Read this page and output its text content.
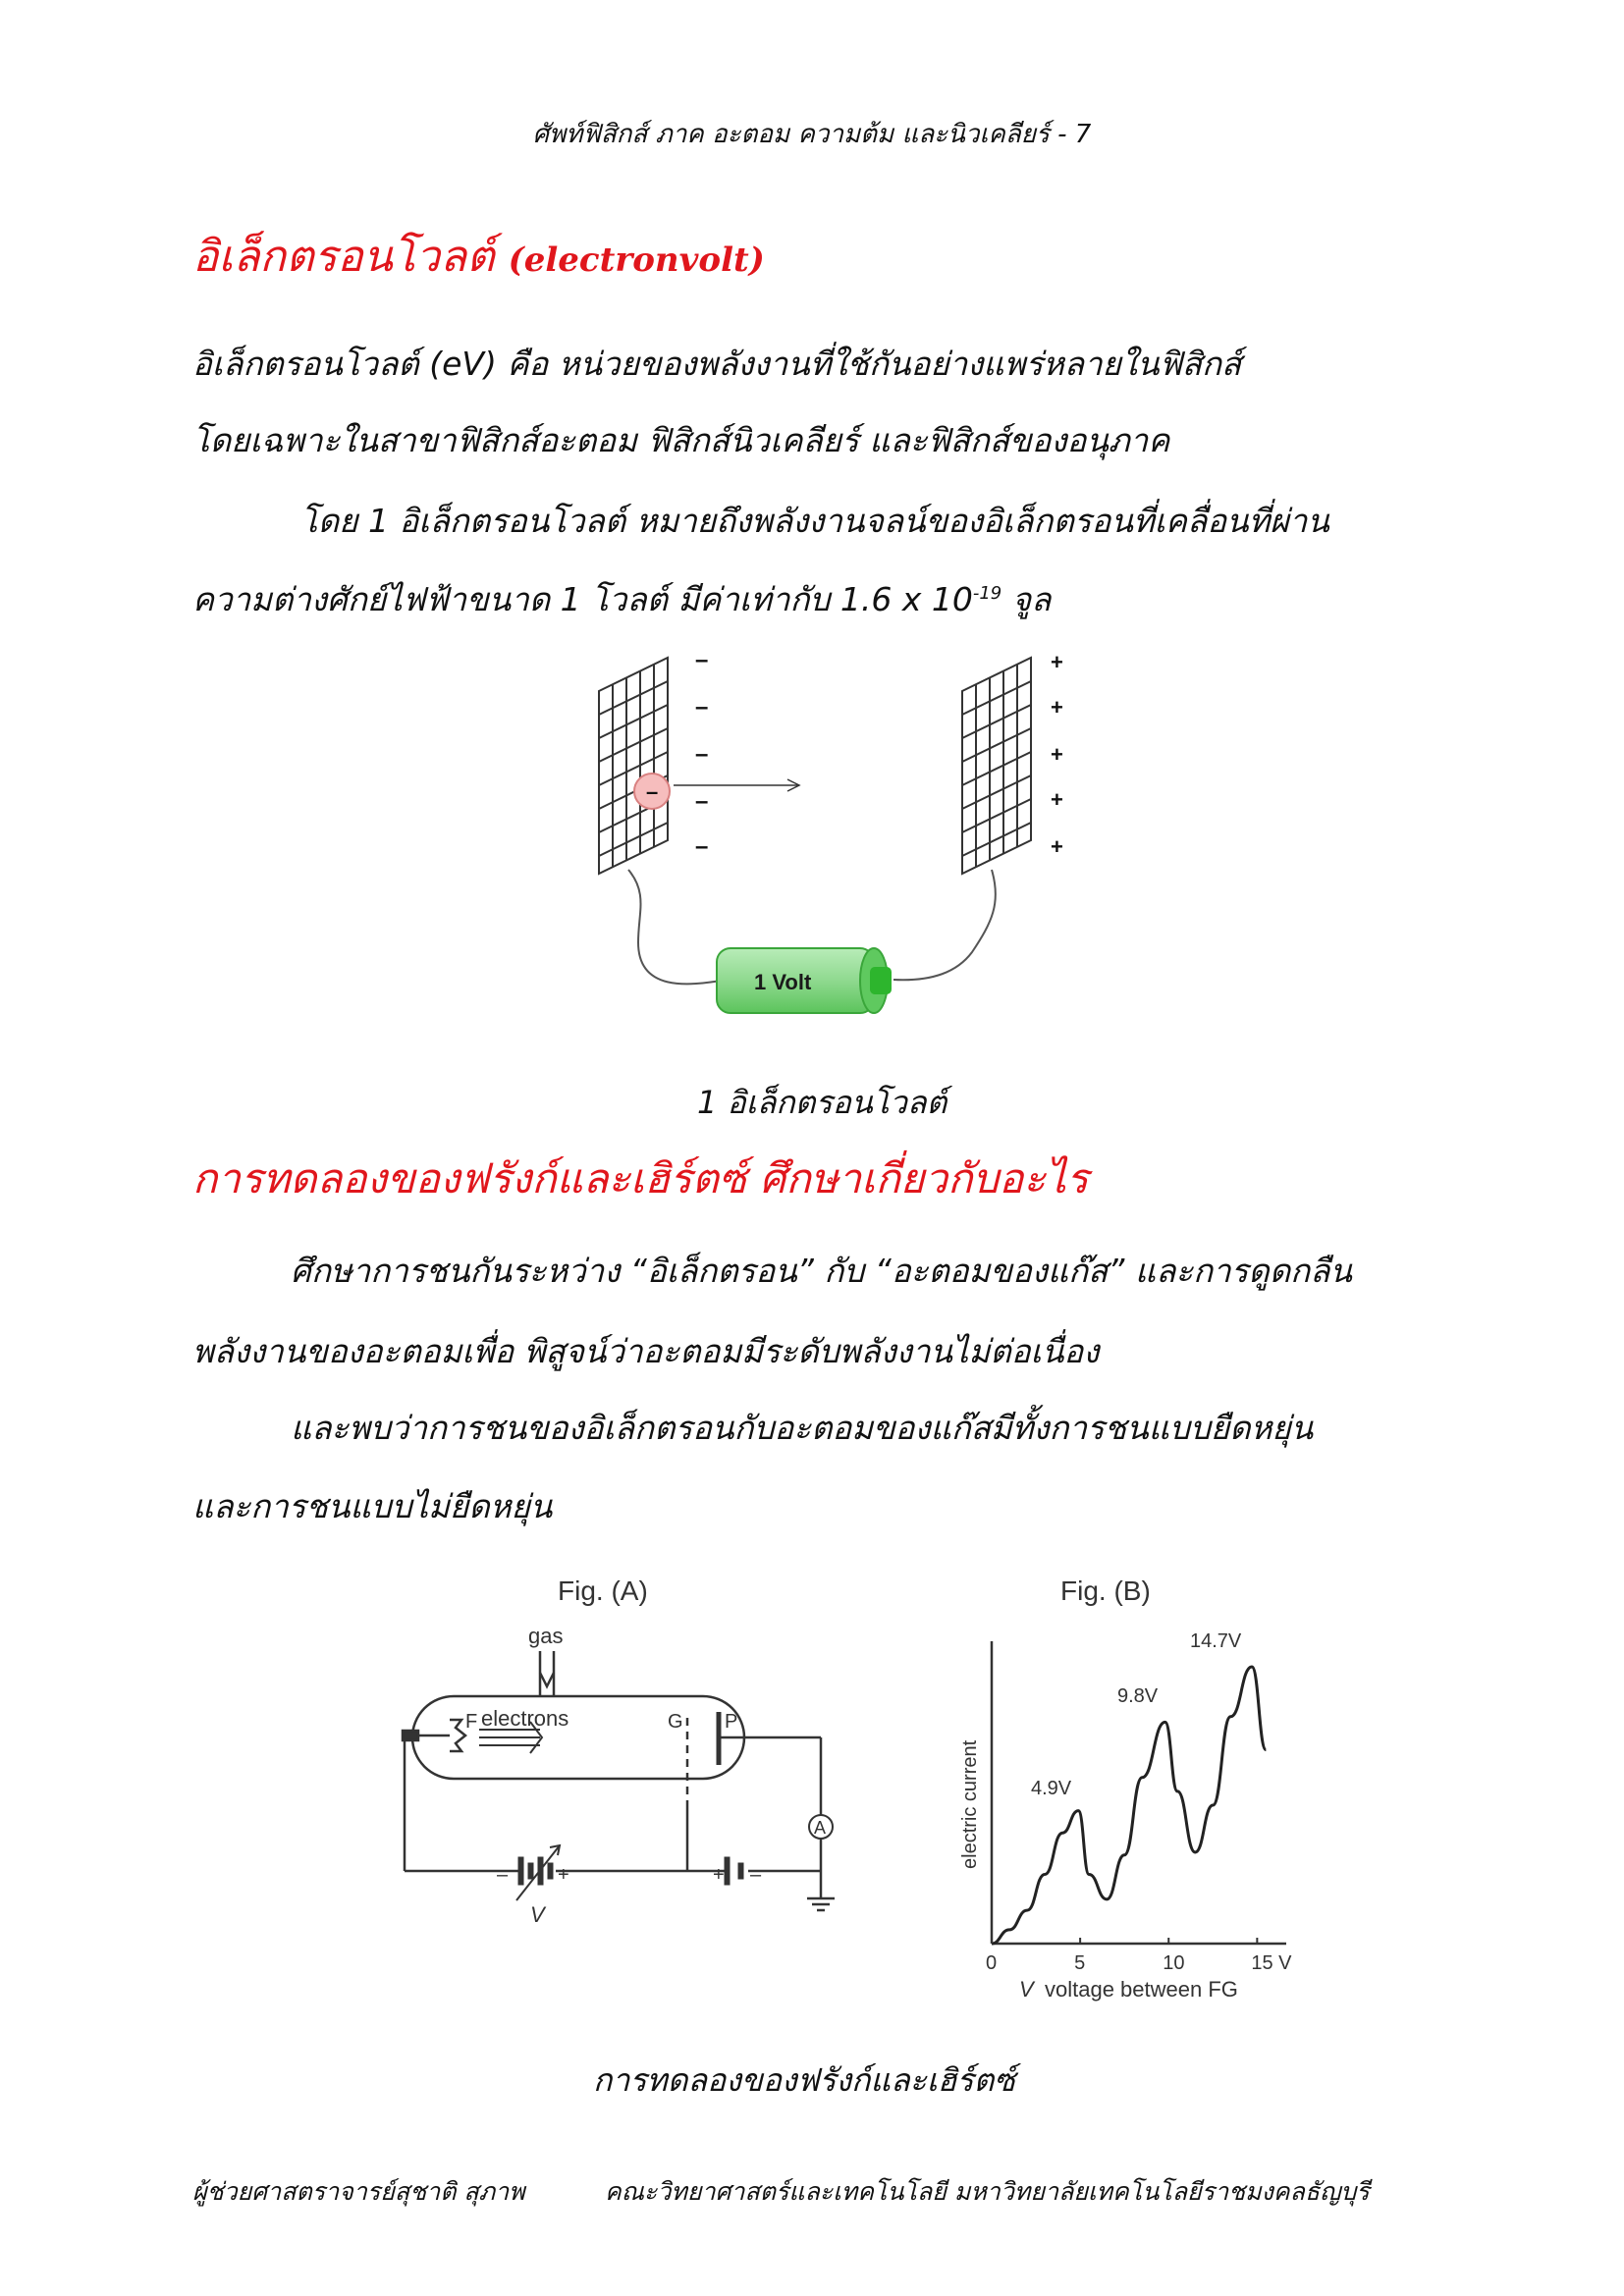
ศัพท์ฟิสิกส์ ภาค อะตอม ความต้ม และนิวเคลียร์ - 7
อิเล็กตรอนโวลต์ (electronvolt)
อิเล็กตรอนโวลต์ (eV) คือ หน่วยของพลังงานที่ใช้กันอย่างแพร่หลายในฟิสิกส์
โดยเฉพาะในสาขาฟิสิกส์อะตอม ฟิสิกส์นิวเคลียร์ และฟิสิกส์ของอนุภาค
โดย 1 อิเล็กตรอนโวลต์ หมายถึงพลังงานจลน์ของอิเล็กตรอนที่เคลื่อนที่ผ่าน
ความต่างศักย์ไฟฟ้าขนาด 1 โวลต์ มีค่าเท่ากับ 1.6 x $10^{-19}$ จูล
–
–
–
–
–
+
+
+
+
+
–
1 Volt
1 อิเล็กตรอนโวลต์
การทดลองของฟรังก์และเฮิร์ตซ์ ศึกษาเกี่ยวกับอะไร
ศึกษาการชนกันระหว่าง “อิเล็กตรอน” กับ “อะตอมของแก๊ส” และการดูดกลืน
พลังงานของอะตอมเพื่อ พิสูจน์ว่าอะตอมมีระดับพลังงานไม่ต่อเนื่อง
และพบว่าการชนของอิเล็กตรอนกับอะตอมของแก๊สมีทั้งการชนแบบยืดหยุ่น
และการชนแบบไม่ยืดหยุ่น
Fig. (A)
gas
A
F electrons	G P
–	+	+ –
V
Fig. (B)
electric current
0	5	10	15 V
V voltage between FG
4.9V
9.8V
14.7V
การทดลองของฟรังก์และเฮิร์ตซ์
ผู้ช่วยศาสตราจารย์สุชาติ สุภาพ	คณะวิทยาศาสตร์และเทคโนโลยี มหาวิทยาลัยเทคโนโลยีราชมงคลธัญบุรี
